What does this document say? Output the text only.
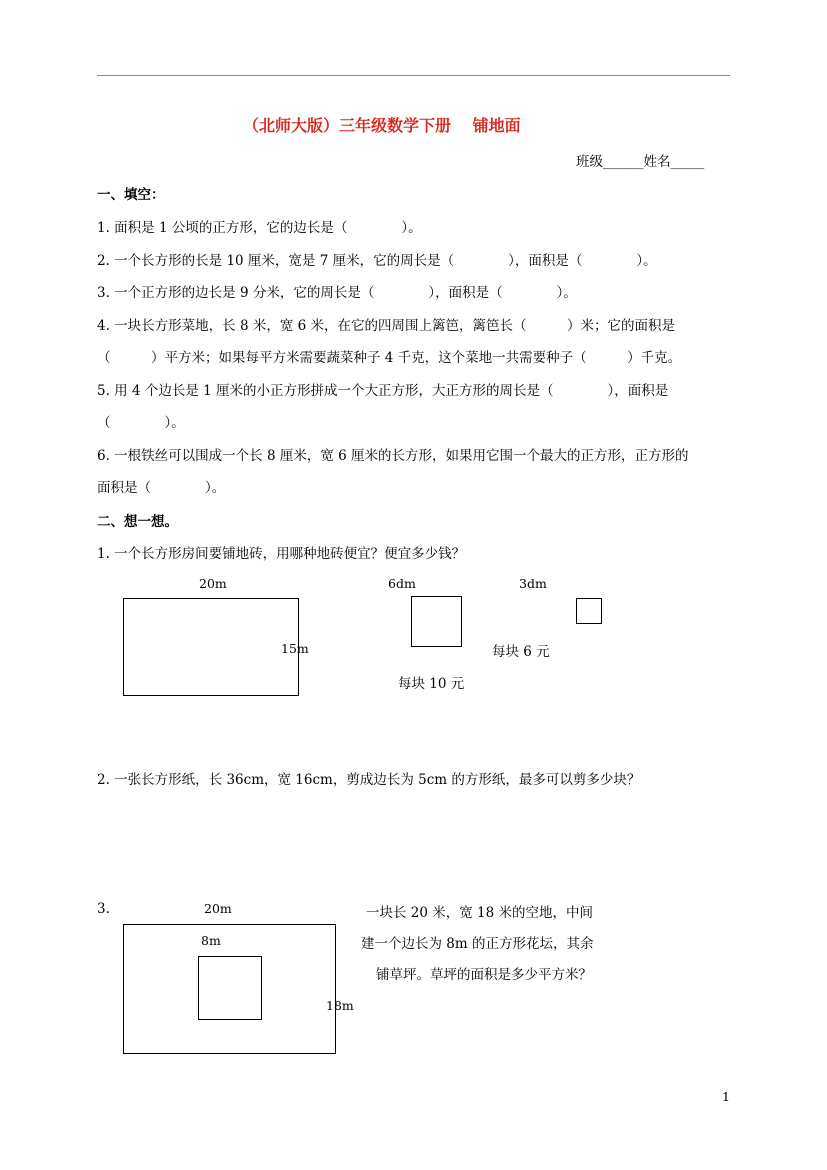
（北师大版）三年级数学下册　 铺地面
班级______姓名_____
一、填空：
1. 面积是 1 公顷的正方形，它的边长是（　　　　）。
2. 一个长方形的长是 10 厘米，宽是 7 厘米，它的周长是（　　　　），面积是（　　　　）。
3. 一个正方形的边长是 9 分米，它的周长是（　　　　），面积是（　　　　）。
4. 一块长方形菜地，长 8 米，宽 6 米，在它的四周围上篱笆，篱笆长（　　　）米；它的面积是
（　　　）平方米；如果每平方米需要蔬菜种子 4 千克，这个菜地一共需要种子（　　　）千克。
5. 用 4 个边长是 1 厘米的小正方形拼成一个大正方形，大正方形的周长是（　　　　），面积是
（　　　　）。
6. 一根铁丝可以围成一个长 8 厘米，宽 6 厘米的长方形，如果用它围一个最大的正方形，正方形的
面积是（　　　　）。
二、想一想。
1. 一个长方形房间要铺地砖，用哪种地砖便宜？便宜多少钱？
20m
15m
6dm
每块 10 元
3dm
每块 6 元
2. 一张长方形纸，长 36cm，宽 16cm，剪成边长为 5cm 的方形纸，最多可以剪多少块？
3.	20m
8m
18m
一块长 20 米，宽 18 米的空地，中间
建一个边长为 8m 的正方形花坛，其余
铺草坪。草坪的面积是多少平方米？
1
